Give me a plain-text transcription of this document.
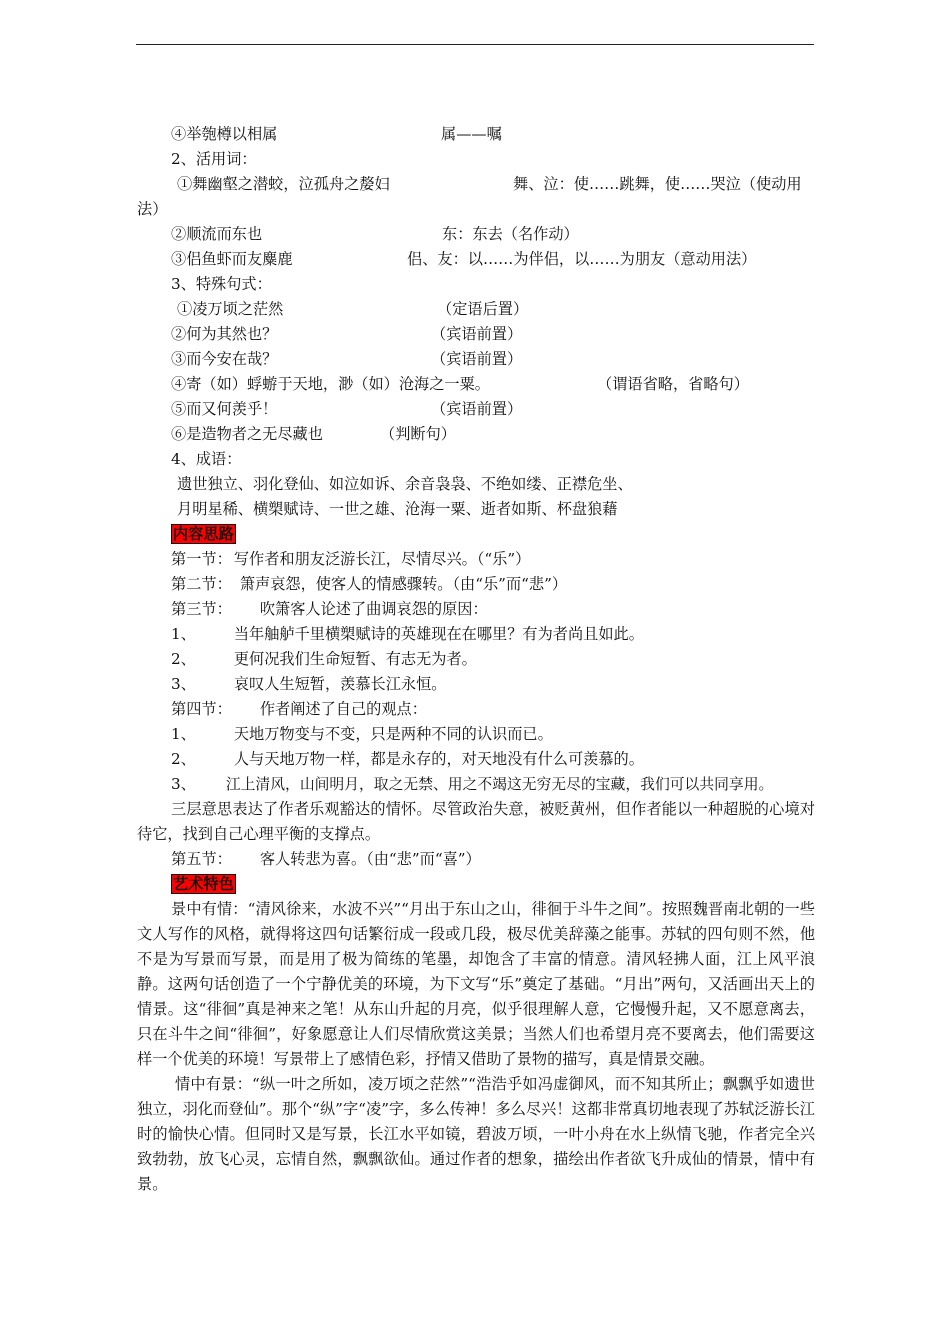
④举匏樽以相属	属——嘱
2、活用词：
①舞幽壑之潜蛟，泣孤舟之嫠妇	舞、泣：使……跳舞，使……哭泣（使动用
法）
②顺流而东也	东：东去（名作动）
③侣鱼虾而友麋鹿	侣、友：以……为伴侣，以……为朋友（意动用法）
3、特殊句式：
①凌万顷之茫然	（定语后置）
②何为其然也？	（宾语前置）
③而今安在哉？	（宾语前置）
④寄（如）蜉蝣于天地，渺（如）沧海之一粟。	（谓语省略，省略句）
⑤而又何羡乎！	（宾语前置）
⑥是造物者之无尽藏也	（判断句）
4、成语：
遗世独立、羽化登仙、如泣如诉、余音袅袅、不绝如缕、正襟危坐、
月明星稀、横槊赋诗、一世之雄、沧海一粟、逝者如斯、杯盘狼藉
内容思路
第一节： 写作者和朋友泛游长江，尽情尽兴。（“乐”）
第二节： 箫声哀怨，使客人的情感骤转。（由“乐”而“悲”）
第三节： 吹箫客人论述了曲调哀怨的原因：
1、 当年舳舻千里横槊赋诗的英雄现在在哪里？有为者尚且如此。
2、 更何况我们生命短暂、有志无为者。
3、 哀叹人生短暂，羡慕长江永恒。
第四节： 作者阐述了自己的观点：
1、 天地万物变与不变，只是两种不同的认识而已。
2、 人与天地万物一样，都是永存的，对天地没有什么可羡慕的。
3、 江上清风，山间明月，取之无禁、用之不竭这无穷无尽的宝藏，我们可以共同享用。
三层意思表达了作者乐观豁达的情怀。尽管政治失意，被贬黄州，但作者能以一种超脱的心境对待它，找到自己心理平衡的支撑点。
第五节： 客人转悲为喜。（由“悲”而“喜”）
艺术特色
景中有情：“清风徐来，水波不兴”“月出于东山之山，徘徊于斗牛之间”。按照魏晋南北朝的一些文人写作的风格，就得将这四句话繁衍成一段或几段，极尽优美辞藻之能事。苏轼的四句则不然，他不是为写景而写景，而是用了极为简练的笔墨，却饱含了丰富的情意。清风轻拂人面，江上风平浪静。这两句话创造了一个宁静优美的环境，为下文写“乐”奠定了基础。“月出”两句，又活画出天上的情景。这“徘徊”真是神来之笔！从东山升起的月亮，似乎很理解人意，它慢慢升起，又不愿意离去，只在斗牛之间“徘徊”，好象愿意让人们尽情欣赏这美景；当然人们也希望月亮不要离去，他们需要这样一个优美的环境！写景带上了感情色彩，抒情又借助了景物的描写，真是情景交融。
情中有景：“纵一叶之所如，凌万顷之茫然”“浩浩乎如冯虚御风，而不知其所止；飘飘乎如遗世独立，羽化而登仙”。那个“纵”字“凌”字，多么传神！多么尽兴！这都非常真切地表现了苏轼泛游长江时的愉快心情。但同时又是写景，长江水平如镜，碧波万顷，一叶小舟在水上纵情飞驰，作者完全兴致勃勃，放飞心灵，忘情自然，飘飘欲仙。通过作者的想象，描绘出作者欲飞升成仙的情景，情中有景。
